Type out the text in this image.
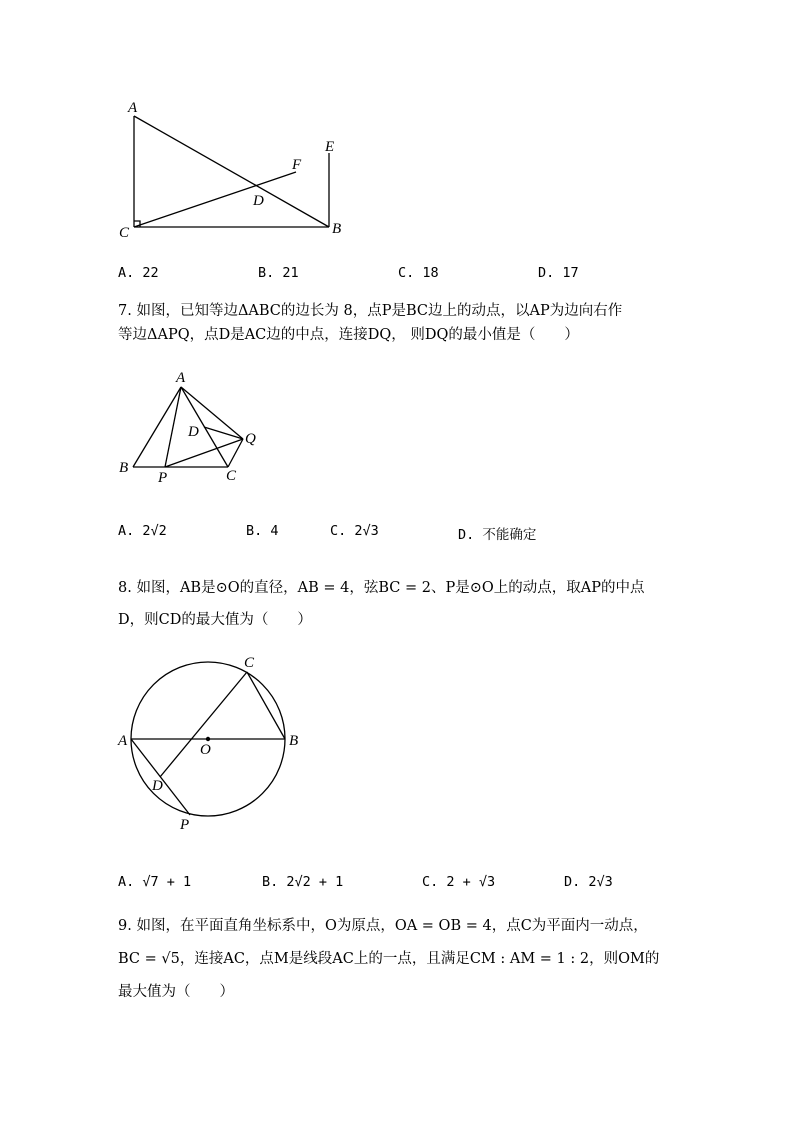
A
C	B
E
F
D
A. 22	B. 21	C. 18	D. 17
7. 如图，已知等边ΔABC的边长为 8，点P是BC边上的动点，以AP为边向右作
等边ΔAPQ，点D是AC边的中点，连接DQ， 则DQ的最小值是（　　）
A
B
P	C
D	Q
A. 2√2	B. 4	C. 2√3	D. 不能确定
8. 如图，AB是⊙O的直径，AB = 4，弦BC = 2、P是⊙O上的动点，取AP的中点
D，则CD的最大值为（　　）
C
A	B
O
D
P
A. √7 + 1	B. 2√2 + 1	C. 2 + √3	D. 2√3
9. 如图，在平面直角坐标系中，O为原点，OA = OB = 4，点C为平面内一动点，
BC = √5，连接AC，点M是线段AC上的一点，且满足CM : AM = 1 : 2，则OM的
最大值为（　　）
